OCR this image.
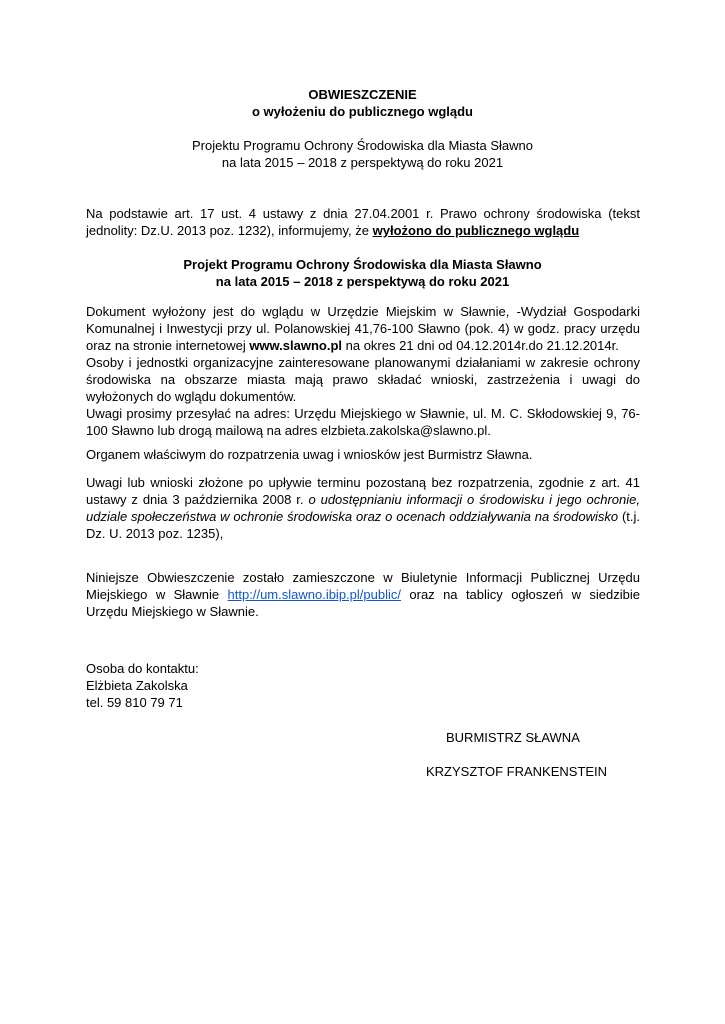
OBWIESZCZENIE
o wyłożeniu do publicznego wglądu
Projektu Programu Ochrony Środowiska dla Miasta Sławno
na lata 2015 – 2018 z perspektywą do roku 2021

Na podstawie art. 17 ust. 4 ustawy z dnia 27.04.2001 r. Prawo ochrony środowiska (tekst jednolity: Dz.U. 2013 poz. 1232), informujemy, że wyłożono do publicznego wglądu

Projekt Programu Ochrony Środowiska dla Miasta Sławno
na lata 2015 – 2018 z perspektywą do roku 2021

Dokument wyłożony jest do wglądu w Urzędzie Miejskim w Sławnie, -Wydział Gospodarki Komunalnej i Inwestycji przy ul. Polanowskiej 41,76-100 Sławno (pok. 4) w godz. pracy urzędu oraz na stronie internetowej www.slawno.pl na okres 21 dni od 04.12.2014r.do 21.12.2014r.

Osoby i jednostki organizacyjne zainteresowane planowanymi działaniami w zakresie ochrony środowiska na obszarze miasta mają prawo składać wnioski, zastrzeżenia i uwagi do wyłożonych do wglądu dokumentów.

Uwagi prosimy przesyłać na adres: Urzędu Miejskiego w Sławnie, ul. M. C. Skłodowskiej 9, 76-100 Sławno lub drogą mailową na adres elzbieta.zakolska@slawno.pl.

Organem właściwym do rozpatrzenia uwag i wniosków jest Burmistrz Sławna.

Uwagi lub wnioski złożone po upływie terminu pozostaną bez rozpatrzenia, zgodnie z art. 41 ustawy z dnia 3 października 2008 r. o udostępnianiu informacji o środowisku i jego ochronie, udziale społeczeństwa w ochronie środowiska oraz o ocenach oddziaływania na środowisko (t.j. Dz. U. 2013 poz. 1235),

Niniejsze Obwieszczenie zostało zamieszczone w Biuletynie Informacji Publicznej Urzędu Miejskiego w Sławnie http://um.slawno.ibip.pl/public/ oraz na tablicy ogłoszeń w siedzibie Urzędu Miejskiego w Sławnie.

Osoba do kontaktu:
Elżbieta Zakolska
tel. 59 810 79 71
BURMISTRZ SŁAWNA
KRZYSZTOF FRANKENSTEIN
